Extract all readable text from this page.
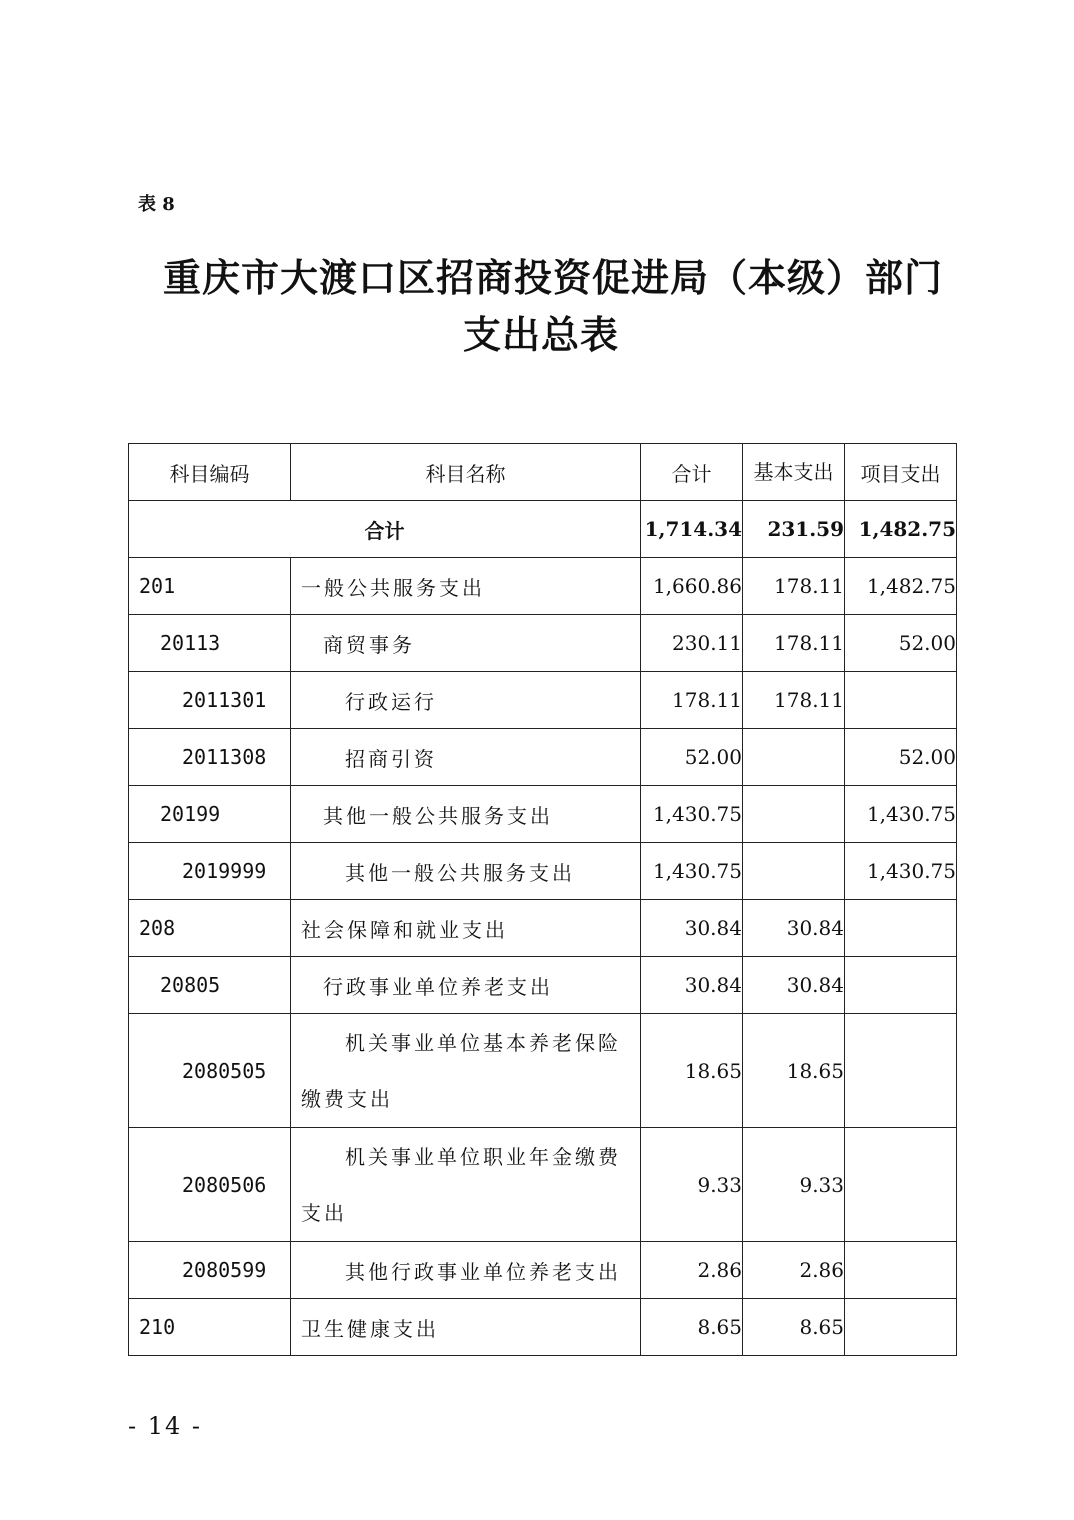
表 8
重庆市大渡口区招商投资促进局（本级）部门
支出总表
科目编码	科目名称	合计	基本支出	项目支出
合计		1,714.34	231.59	1,482.75
201	一般公共服务支出	1,660.86	178.11	1,482.75
20113	商贸事务	230.11	178.11	52.00
2011301	行政运行	178.11	178.11	
2011308	招商引资	52.00		52.00
20199	其他一般公共服务支出	1,430.75		1,430.75
2019999	其他一般公共服务支出	1,430.75		1,430.75
208	社会保障和就业支出	30.84	30.84	
20805	行政事业单位养老支出	30.84	30.84	
2080505	机关事业单位基本养老保险缴费支出	18.65	18.65	
2080506	机关事业单位职业年金缴费支出	9.33	9.33	
2080599	其他行政事业单位养老支出	2.86	2.86	
210	卫生健康支出	8.65	8.65	
- 14 -
